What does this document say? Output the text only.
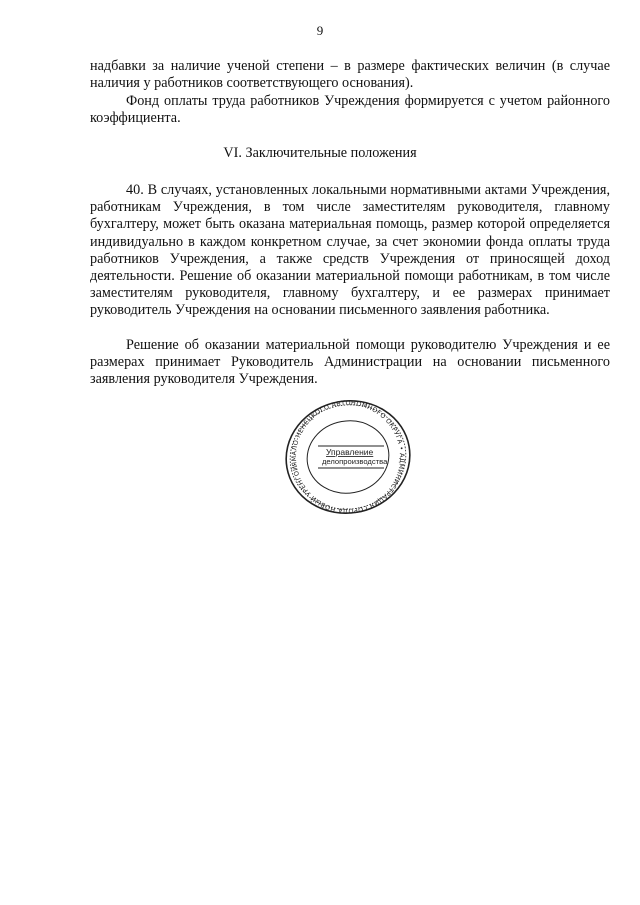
9

надбавки за наличие ученой степени – в размере фактических величин (в случае наличия у работников соответствующего основания).

Фонд оплаты труда работников Учреждения формируется с учетом районного коэффициента.

VI. Заключительные положения

40. В случаях, установленных локальными нормативными актами Учреждения, работникам Учреждения, в том числе заместителям руководителя, главному бухгалтеру, может быть оказана материальная помощь, размер которой определяется индивидуально в каждом конкретном случае, за счет экономии фонда оплаты труда работников Учреждения, а также средств Учреждения от приносящей доход деятельности. Решение об оказании материальной помощи работникам, в том числе заместителям руководителя, главному бухгалтеру, и ее размерах принимает руководитель Учреждения на основании письменного заявления работника.

Решение об оказании материальной помощи руководителю Учреждения и ее размерах принимает Руководитель Администрации на основании письменного заявления руководителя Учреждения.

ЯМАЛО-НЕНЕЦКОГО АВТОНОМНОГО ОКРУГА • АДМИНИСТРАЦИЯ ГОРОДА НОВЫЙ УРЕНГОЙ
Управление
делопроизводства
